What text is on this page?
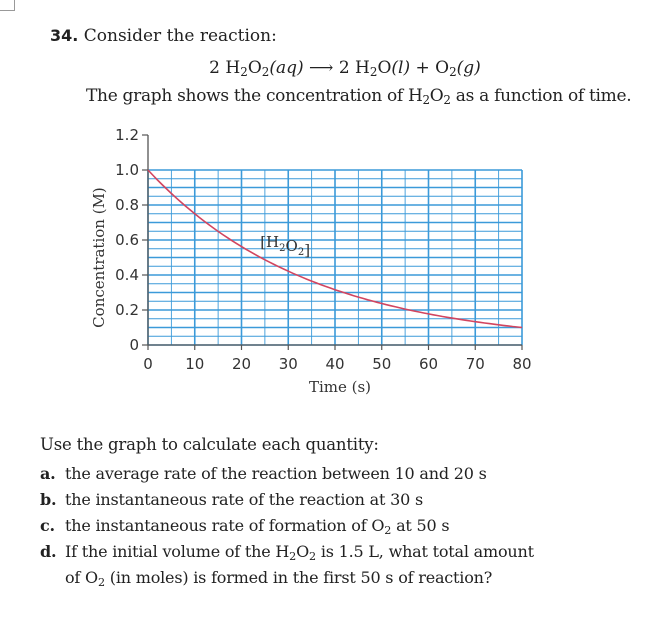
34. Consider the reaction:
2 $H_2O_2(aq)$ ⟶ 2 $H_2O(l) + O_2(g)$
The graph shows the concentration of $H_2O_2$ as a function of time.
0
0.2
0.4
0.6
0.8
1.0
1.2
0 10 20 30 40 50 60 70 80
$[H_2O_2]$
Time (s)
Concentration (M)
Use the graph to calculate each quantity:
a. the average rate of the reaction between 10 and 20 s
b. the instantaneous rate of the reaction at 30 s
c. the instantaneous rate of formation of $O_2$ at 50 s
d. If the initial volume of the $H_2O_2$ is 1.5 L, what total amount
of $O_2$ (in moles) is formed in the first 50 s of reaction?
